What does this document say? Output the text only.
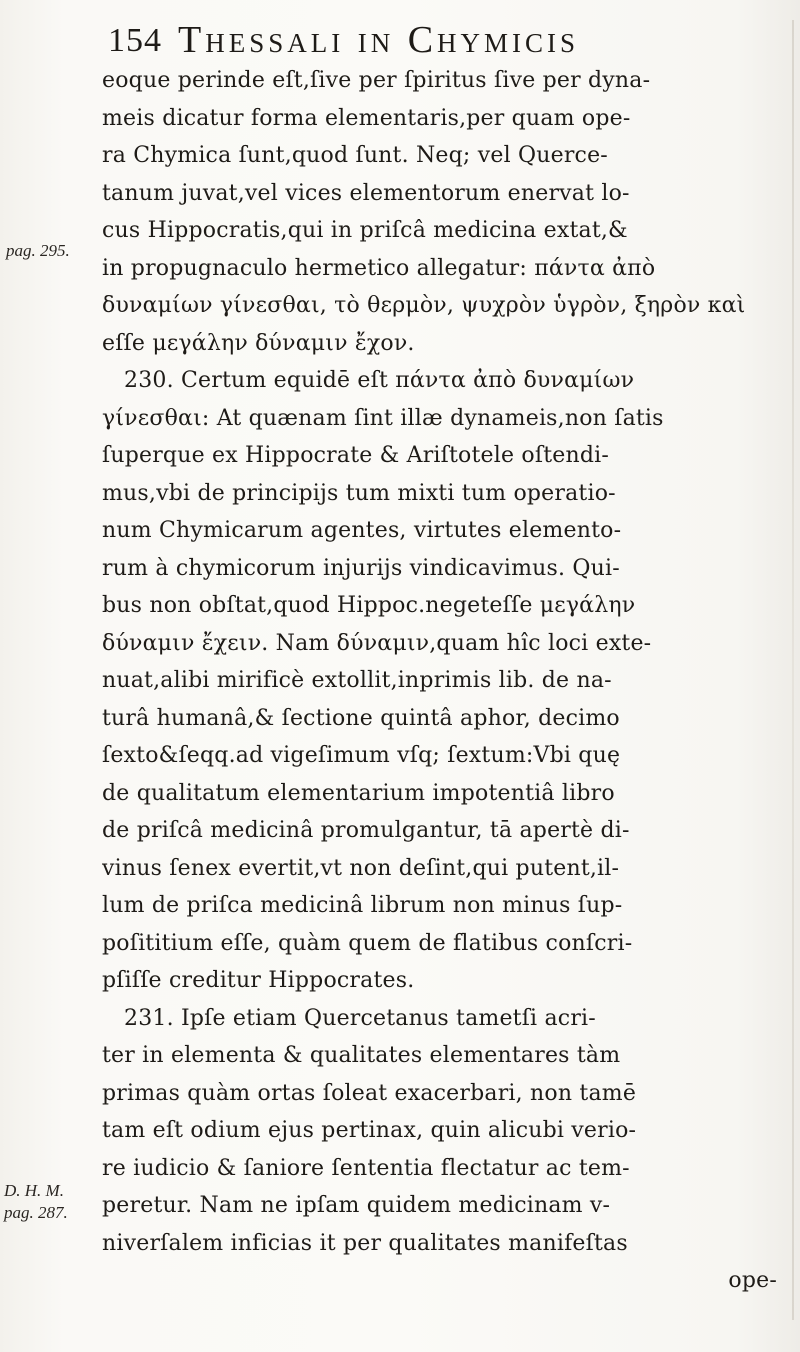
154 Thessali in Chymicis
pag. 295.
D. H. M.
pag. 287.
eoque perinde eſt,ſive per ſpiritus ſive per dyna-
meis dicatur forma elementaris,per quam ope-
ra Chymica ſunt,quod ſunt. Neq; vel Querce-
tanum juvat,vel vices elementorum enervat lo-
cus Hippocratis,qui in priſcâ medicina extat,&
in propugnaculo hermetico allegatur: πάντα ἀπὸ
δυναμίων γίνεσθαι, τὸ θερμὸν, ψυχρὸν ὑγρὸν, ξηρὸν καὶ
eſſe μεγάλην δύναμιν ἔχον.
230. Certum equidē eſt πάντα ἀπὸ δυναμίων
γίνεσθαι: At quænam ſint illæ dynameis,non ſatis
ſuperque ex Hippocrate & Ariſtotele oſtendi-
mus,vbi de principijs tum mixti tum operatio-
num Chymicarum agentes, virtutes elemento-
rum à chymicorum injurijs vindicavimus. Qui-
bus non obſtat,quod Hippoc.negeteſſe μεγάλην
δύναμιν ἔχειν. Nam δύναμιν,quam hîc loci exte-
nuat,alibi mirificè extollit,inprimis lib. de na-
turâ humanâ,& ſectione quintâ aphor, decimo
ſexto&ſeqq.ad vigeſimum vſq; ſextum:Vbi quę
de qualitatum elementarium impotentiâ libro
de priſcâ medicinâ promulgantur, tā apertè di-
vinus ſenex evertit,vt non deſint,qui putent,il-
lum de priſca medicinâ librum non minus ſup-
poſititium eſſe, quàm quem de flatibus conſcri-
pſiſſe creditur Hippocrates.
231. Ipſe etiam Quercetanus tametſi acri-
ter in elementa & qualitates elementares tàm
primas quàm ortas ſoleat exacerbari, non tamē
tam eſt odium ejus pertinax, quin alicubi verio-
re iudicio & ſaniore ſententia flectatur ac tem-
peretur. Nam ne ipſam quidem medicinam v-
niverſalem inficias it per qualitates manifeſtas
ope-
